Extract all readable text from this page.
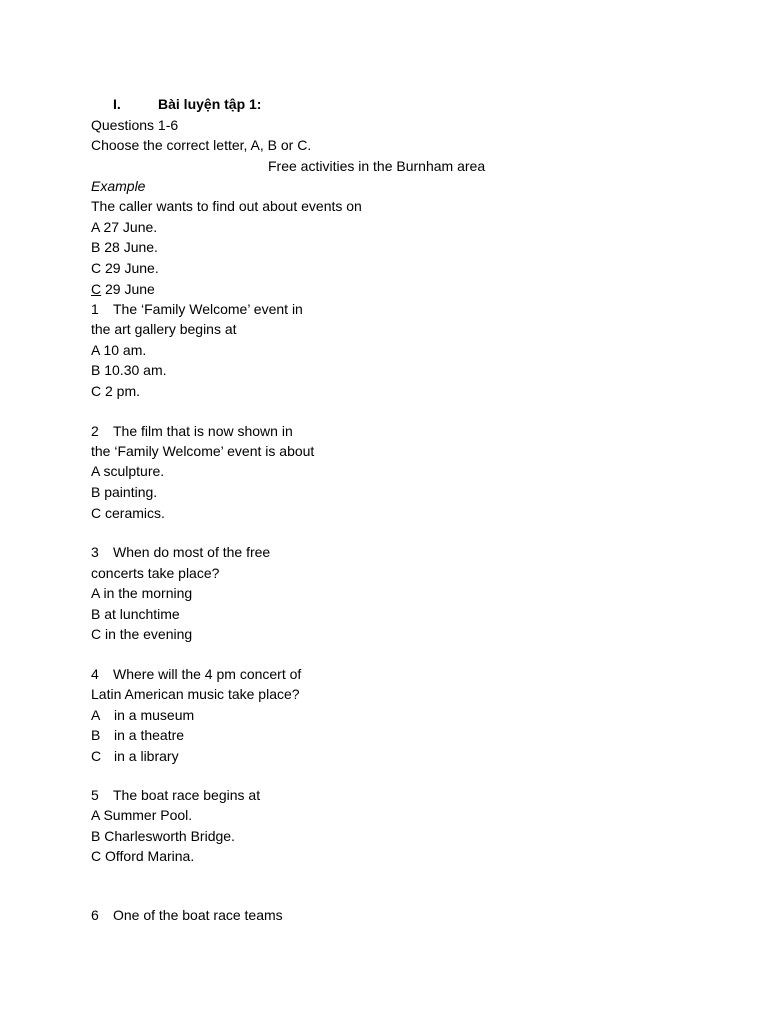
I.	Bài luyện tập 1:
Questions 1-6
Choose the correct letter, A, B or C.
Free activities in the Burnham area
Example
The caller wants to find out about events on
A 27 June.
B 28 June.
C 29 June.
C 29 June
1 The ‘Family Welcome’ event in
the art gallery begins at
A 10 am.
B 10.30 am.
C 2 pm.
2 The film that is now shown in
the ‘Family Welcome’ event is about
A sculpture.
B painting.
C ceramics.
3 When do most of the free
concerts take place?
A in the morning
B at lunchtime
C in the evening
4 Where will the 4 pm concert of
Latin American music take place?
A in a museum
B in a theatre
C in a library
5 The boat race begins at
A Summer Pool.
B Charlesworth Bridge.
C Offord Marina.
6 One of the boat race teams
